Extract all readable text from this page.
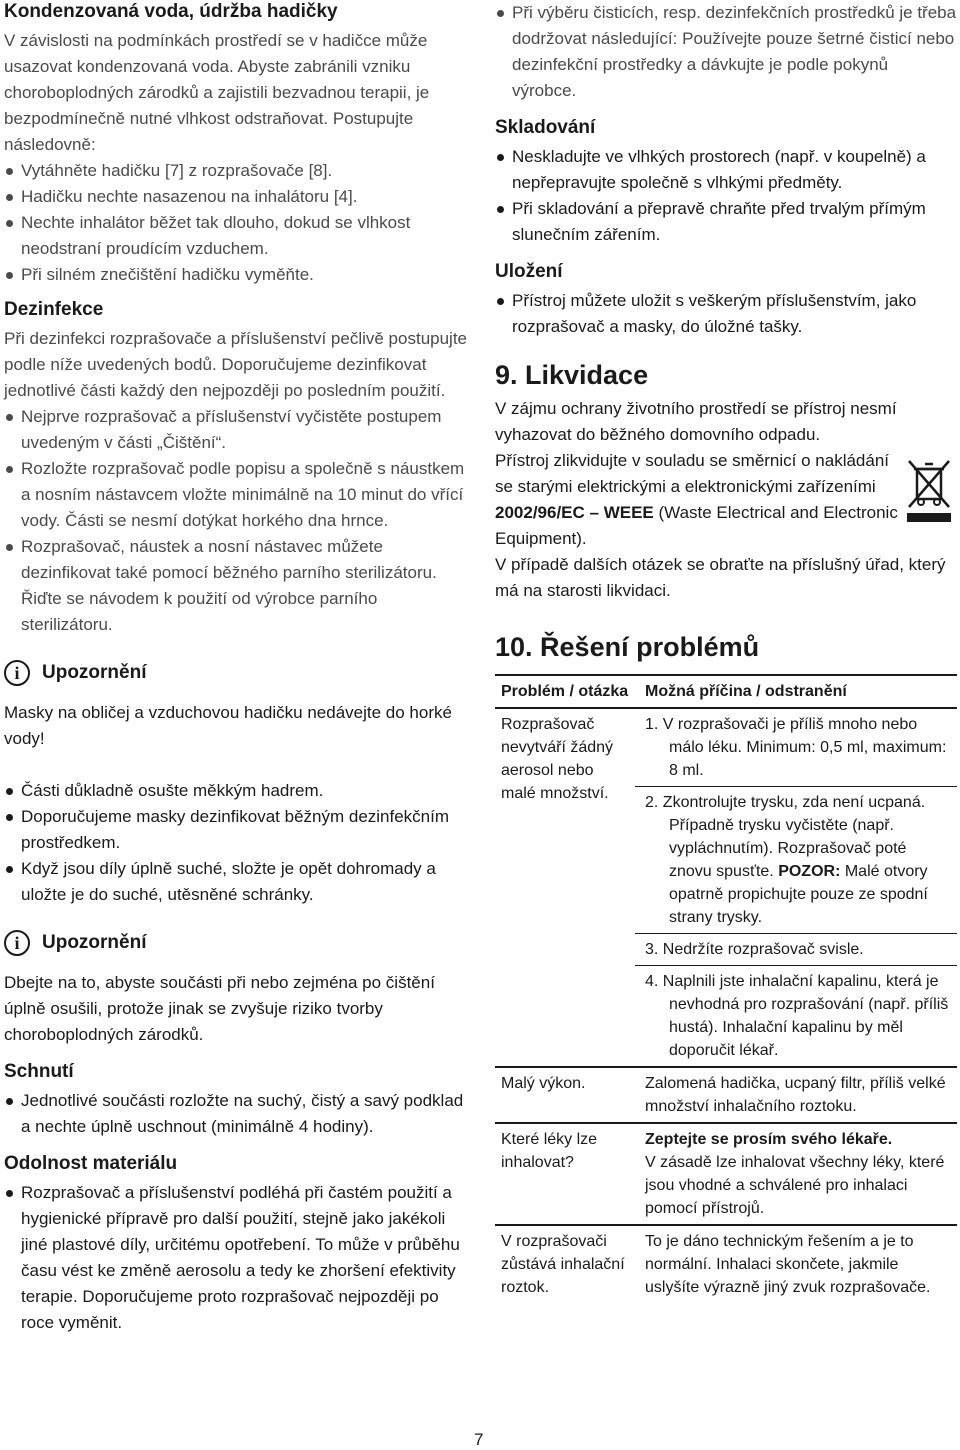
Kondenzovaná voda, údržba hadičky

V závislosti na podmínkách prostředí se v hadičce může usazovat kondenzovaná voda. Abyste zabránili vzniku choroboplodných zárodků a zajistili bezvadnou terapii, je bezpodmínečně nutné vlhkost odstraňovat. Postupujte následovně:

Vytáhněte hadičku [7] z rozprašovače [8].
Hadičku nechte nasazenou na inhalátoru [4].
Nechte inhalátor běžet tak dlouho, dokud se vlhkost neodstraní proudícím vzduchem.
Při silném znečištění hadičku vyměňte.
Dezinfekce

Při dezinfekci rozprašovače a příslušenství pečlivě postupujte podle níže uvedených bodů. Doporučujeme dezinfikovat jednotlivé části každý den nejpozději po posledním použití.

Nejprve rozprašovač a příslušenství vyčistěte postupem uvedeným v části „Čištění“.
Rozložte rozprašovač podle popisu a společně s náustkem a nosním nástavcem vložte minimálně na 10 minut do vřící vody. Části se nesmí dotýkat horkého dna hrnce.
Rozprašovač, náustek a nosní nástavec můžete dezinfikovat také pomocí běžného parního sterilizátoru. Řiďte se návodem k použití od výrobce parního sterilizátoru.
i	Upozornění

Masky na obličej a vzduchovou hadičku nedávejte do horké vody!

Části důkladně osušte měkkým hadrem.
Doporučujeme masky dezinfikovat běžným dezinfekčním prostředkem.
Když jsou díly úplně suché, složte je opět dohromady a uložte je do suché, utěsněné schránky.
i	Upozornění

Dbejte na to, abyste součásti při nebo zejména po čištění úplně osušili, protože jinak se zvyšuje riziko tvorby choroboplodných zárodků.

Schnutí
Jednotlivé součásti rozložte na suchý, čistý a savý podklad a nechte úplně uschnout (minimálně 4 hodiny).
Odolnost materiálu
Rozprašovač a příslušenství podléhá při častém použití a hygienické přípravě pro další použití, stejně jako jakékoli jiné plastové díly, určitému opotřebení. To může v průběhu času vést ke změně aerosolu a tedy ke zhoršení efektivity terapie. Doporučujeme proto rozprašovač nejpozději po roce vyměnit.
Při výběru čisticích, resp. dezinfekčních prostředků je třeba dodržovat následující: Používejte pouze šetrné čisticí nebo dezinfekční prostředky a dávkujte je podle pokynů výrobce.
Skladování
Neskladujte ve vlhkých prostorech (např. v koupelně) a nepřepravujte společně s vlhkými předměty.
Při skladování a přepravě chraňte před trvalým přímým slunečním zářením.
Uložení
Přístroj můžete uložit s veškerým příslušenstvím, jako rozprašovač a masky, do úložné tašky.
9. Likvidace

V zájmu ochrany životního prostředí se přístroj nesmí vyhazovat do běžného domovního odpadu.

Přístroj zlikvidujte v souladu se směrnicí o nakládání se starými elektrickými a elektronickými zařízeními 2002/96/EC – WEEE (Waste Electrical and Electronic Equipment).

V případě dalších otázek se obraťte na příslušný úřad, který má na starosti likvidaci.

10. Řešení problémů
Problém / otázka	Možná příčina / odstranění
Rozprašovač nevytváří žádný aerosol nebo malé množství.	1. V rozprašovači je příliš mnoho nebo málo léku. Minimum: 0,5 ml, maximum: 8 ml.

	2. Zkontrolujte trysku, zda není ucpaná. Případně trysku vyčistěte (např. vypláchnutím). Rozprašovač poté znovu spusťte. POZOR: Malé otvory opatrně propichujte pouze ze spodní strany trysky.

	3. Nedržíte rozprašovač svisle.

	4. Naplnili jste inhalační kapalinu, která je nevhodná pro rozprašování (např. příliš hustá). Inhalační kapalinu by měl doporučit lékař.

Malý výkon.	Zalomená hadička, ucpaný filtr, příliš velké množství inhalačního roztoku.
Které léky lze inhalovat?	Zeptejte se prosím svého lékaře.
V zásadě lze inhalovat všechny léky, které jsou vhodné a schválené pro inhalaci pomocí přístrojů.

V rozprašovači zůstává inhalační roztok.	To je dáno technickým řešením a je to normální. Inhalaci skončete, jakmile uslyšíte výrazně jiný zvuk rozprašovače.
7
